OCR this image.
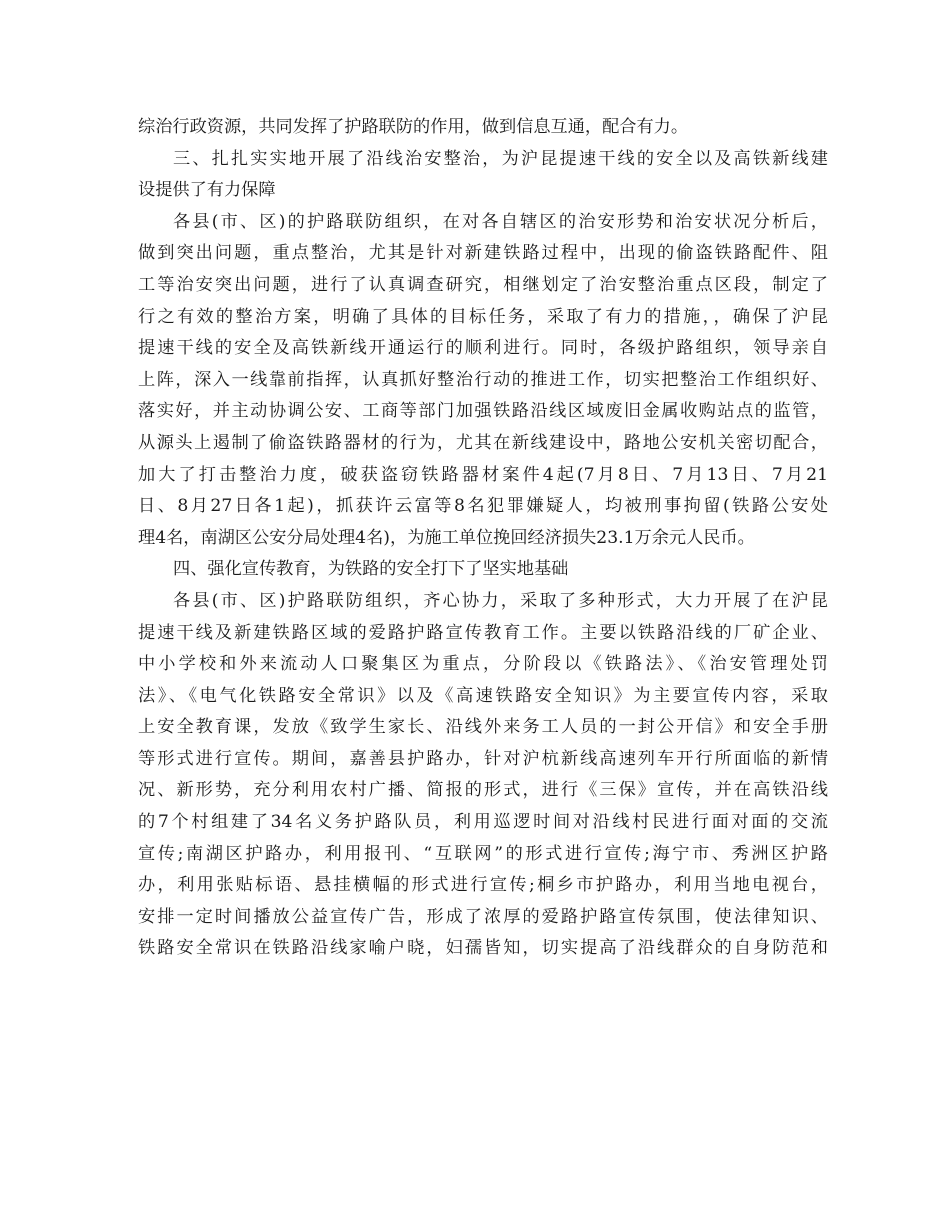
综治行政资源，共同发挥了护路联防的作用，做到信息互通，配合有力。
三、扎扎实实地开展了沿线治安整治，为沪昆提速干线的安全以及高铁新线建
设提供了有力保障
各县(市、区)的护路联防组织，在对各自辖区的治安形势和治安状况分析后，
做到突出问题，重点整治，尤其是针对新建铁路过程中，出现的偷盗铁路配件、阻
工等治安突出问题，进行了认真调查研究，相继划定了治安整治重点区段，制定了
行之有效的整治方案，明确了具体的目标任务，采取了有力的措施，，确保了沪昆
提速干线的安全及高铁新线开通运行的顺利进行。同时，各级护路组织，领导亲自
上阵，深入一线靠前指挥，认真抓好整治行动的推进工作，切实把整治工作组织好、
落实好，并主动协调公安、工商等部门加强铁路沿线区域废旧金属收购站点的监管，
从源头上遏制了偷盗铁路器材的行为，尤其在新线建设中，路地公安机关密切配合，
加大了打击整治力度，破获盗窃铁路器材案件4起(7月8日、7月13日、7月21
日、8月27日各1起)，抓获许云富等8名犯罪嫌疑人，均被刑事拘留(铁路公安处
理4名，南湖区公安分局处理4名)，为施工单位挽回经济损失23.1万余元人民币。
四、强化宣传教育，为铁路的安全打下了坚实地基础
各县(市、区)护路联防组织，齐心协力，采取了多种形式，大力开展了在沪昆
提速干线及新建铁路区域的爱路护路宣传教育工作。主要以铁路沿线的厂矿企业、
中小学校和外来流动人口聚集区为重点，分阶段以《铁路法》、《治安管理处罚
法》、《电气化铁路安全常识》以及《高速铁路安全知识》为主要宣传内容，采取
上安全教育课，发放《致学生家长、沿线外来务工人员的一封公开信》和安全手册
等形式进行宣传。期间，嘉善县护路办，针对沪杭新线高速列车开行所面临的新情
况、新形势，充分利用农村广播、简报的形式，进行《三保》宣传，并在高铁沿线
的7个村组建了34名义务护路队员，利用巡逻时间对沿线村民进行面对面的交流
宣传;南湖区护路办，利用报刊、“互联网”的形式进行宣传;海宁市、秀洲区护路
办，利用张贴标语、悬挂横幅的形式进行宣传;桐乡市护路办，利用当地电视台，
安排一定时间播放公益宣传广告，形成了浓厚的爱路护路宣传氛围，使法律知识、
铁路安全常识在铁路沿线家喻户晓，妇孺皆知，切实提高了沿线群众的自身防范和
